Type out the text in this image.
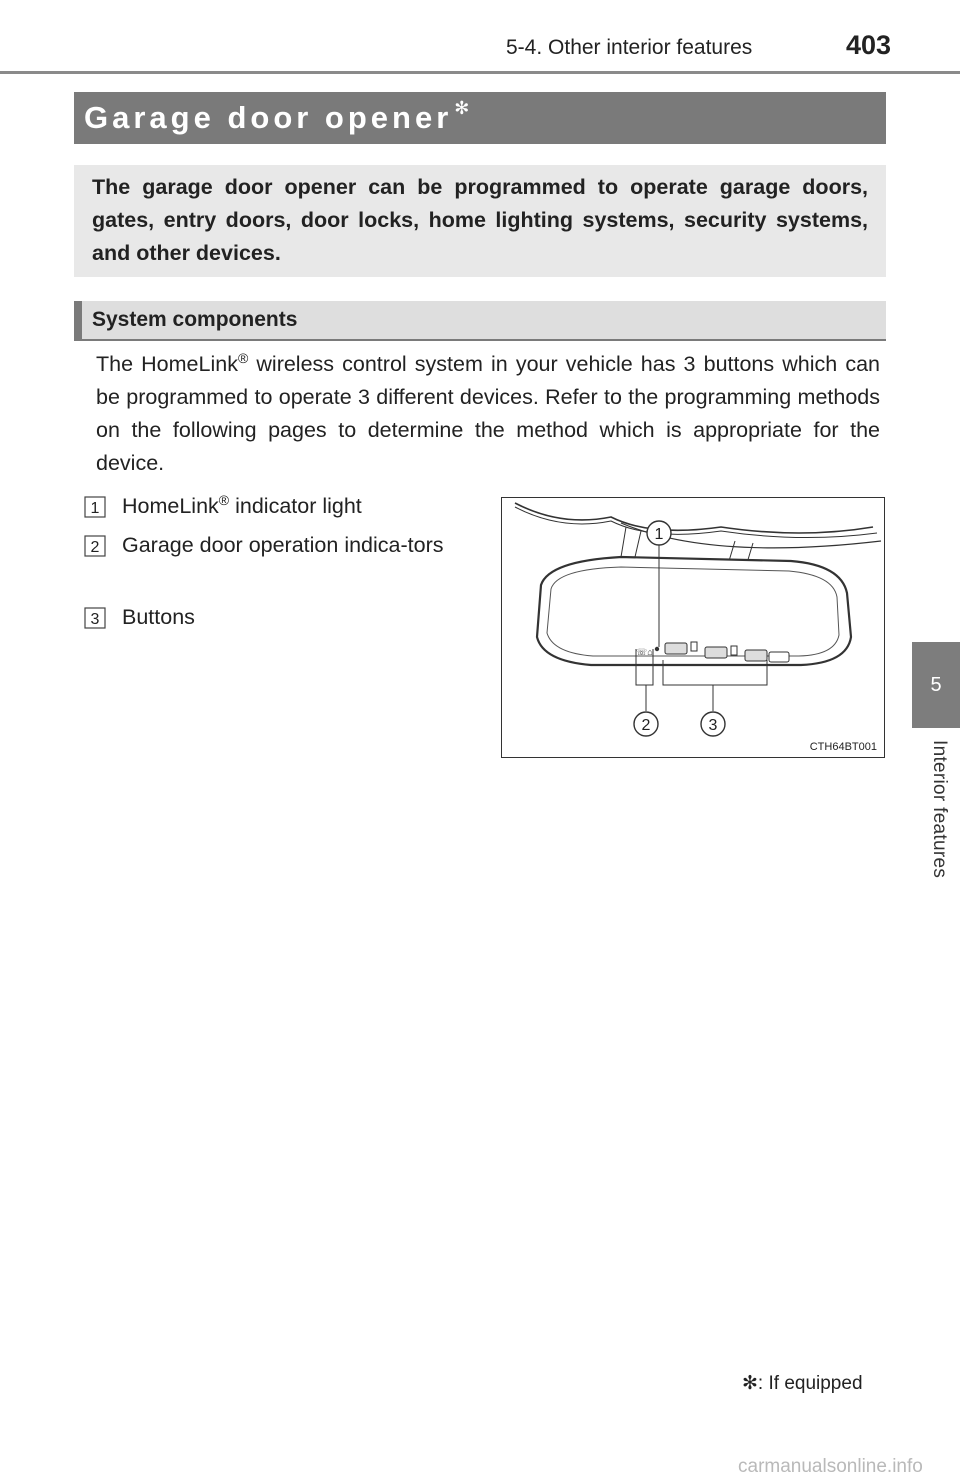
5-4. Other interior features	403
5
Interior features
Garage door opener ✻
The garage door opener can be programmed to operate garage doors, gates, entry doors, door locks, home lighting systems, security systems, and other devices.
System components
The HomeLink® wireless control system in your vehicle has 3 buttons which can be programmed to operate 3 different devices. Refer to the programming methods on the following pages to determine the method which is appropriate for the device.
1 HomeLink® indicator light
2 Garage door operation indica-tors
3 Buttons
☏⌂
1
2	3
CTH64BT001
✻: If equipped
carmanualsonline.info
